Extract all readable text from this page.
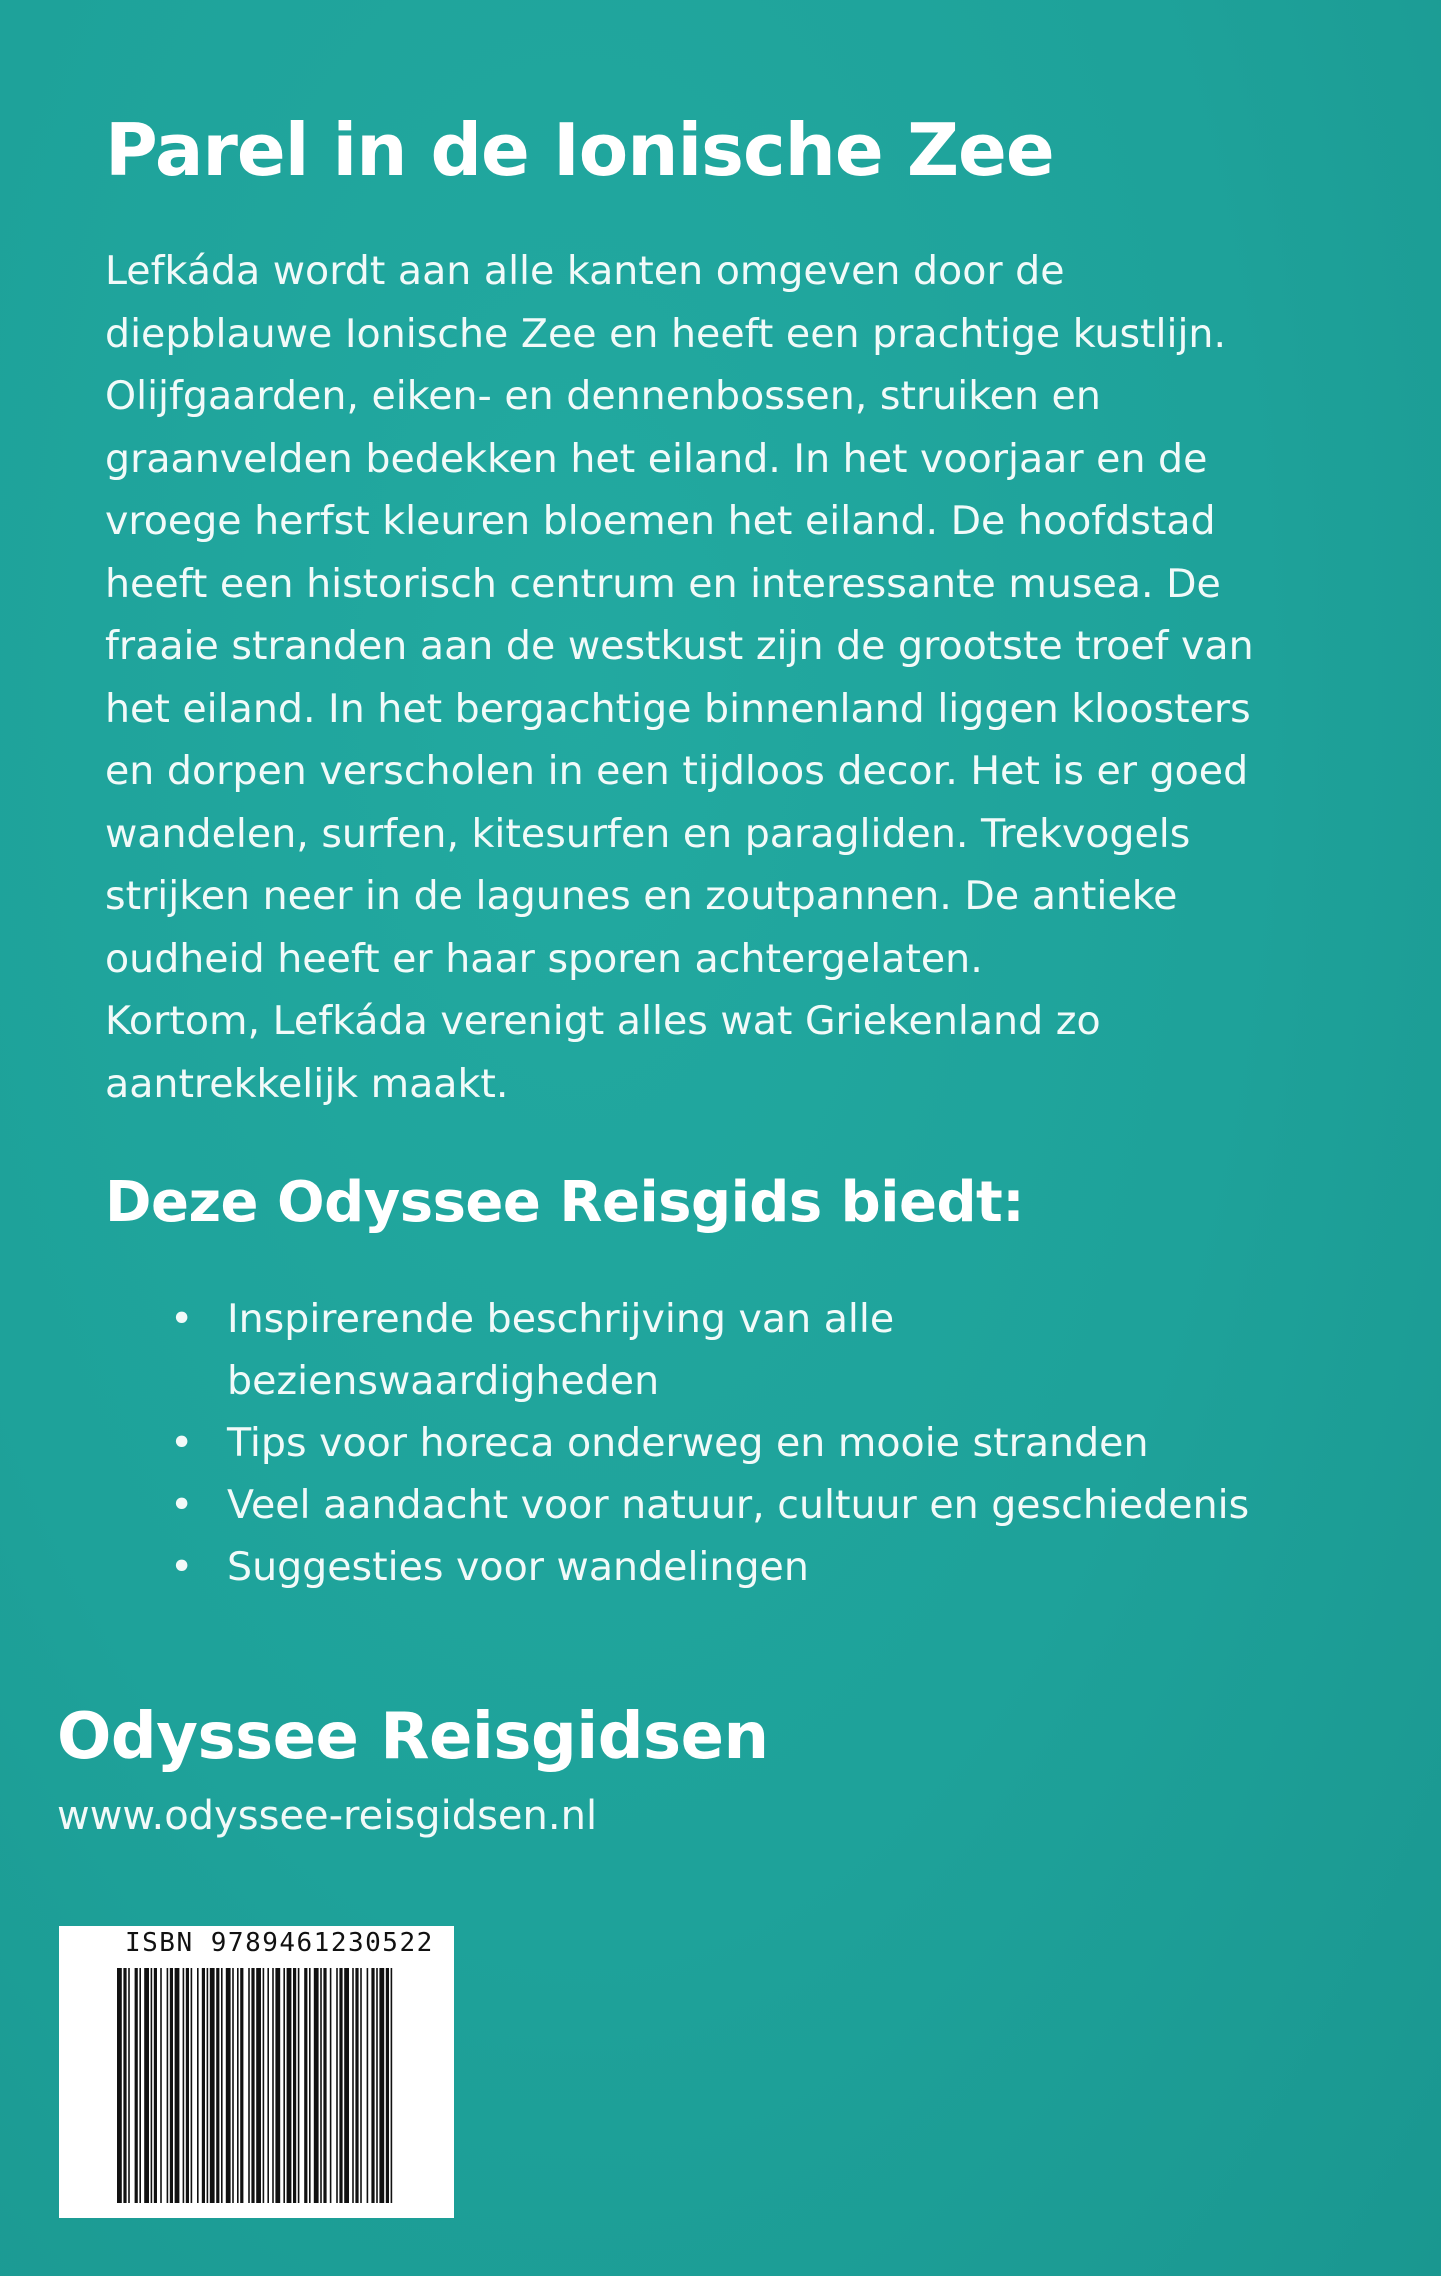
Parel in de Ionische Zee

Lefkáda wordt aan alle kanten omgeven door de
diepblauwe Ionische Zee en heeft een prachtige kustlijn.
Olijfgaarden, eiken- en dennenbossen, struiken en
graanvelden bedekken het eiland. In het voorjaar en de
vroege herfst kleuren bloemen het eiland. De hoofdstad
heeft een historisch centrum en interessante musea. De
fraaie stranden aan de westkust zijn de grootste troef van
het eiland. In het bergachtige binnenland liggen kloosters
en dorpen verscholen in een tijdloos decor. Het is er goed
wandelen, surfen, kitesurfen en paragliden. Trekvogels
strijken neer in de lagunes en zoutpannen. De antieke
oudheid heeft er haar sporen achtergelaten.
Kortom, Lefkáda verenigt alles wat Griekenland zo
aantrekkelijk maakt.

Deze Odyssee Reisgids biedt:
• Inspirerende beschrijving van alle
bezienswaardigheden
• Tips voor horeca onderweg en mooie stranden
• Veel aandacht voor natuur, cultuur en geschiedenis
• Suggesties voor wandelingen
Odyssee Reisgidsen
www.odyssee-reisgidsen.nl
ISBN 9789461230522
